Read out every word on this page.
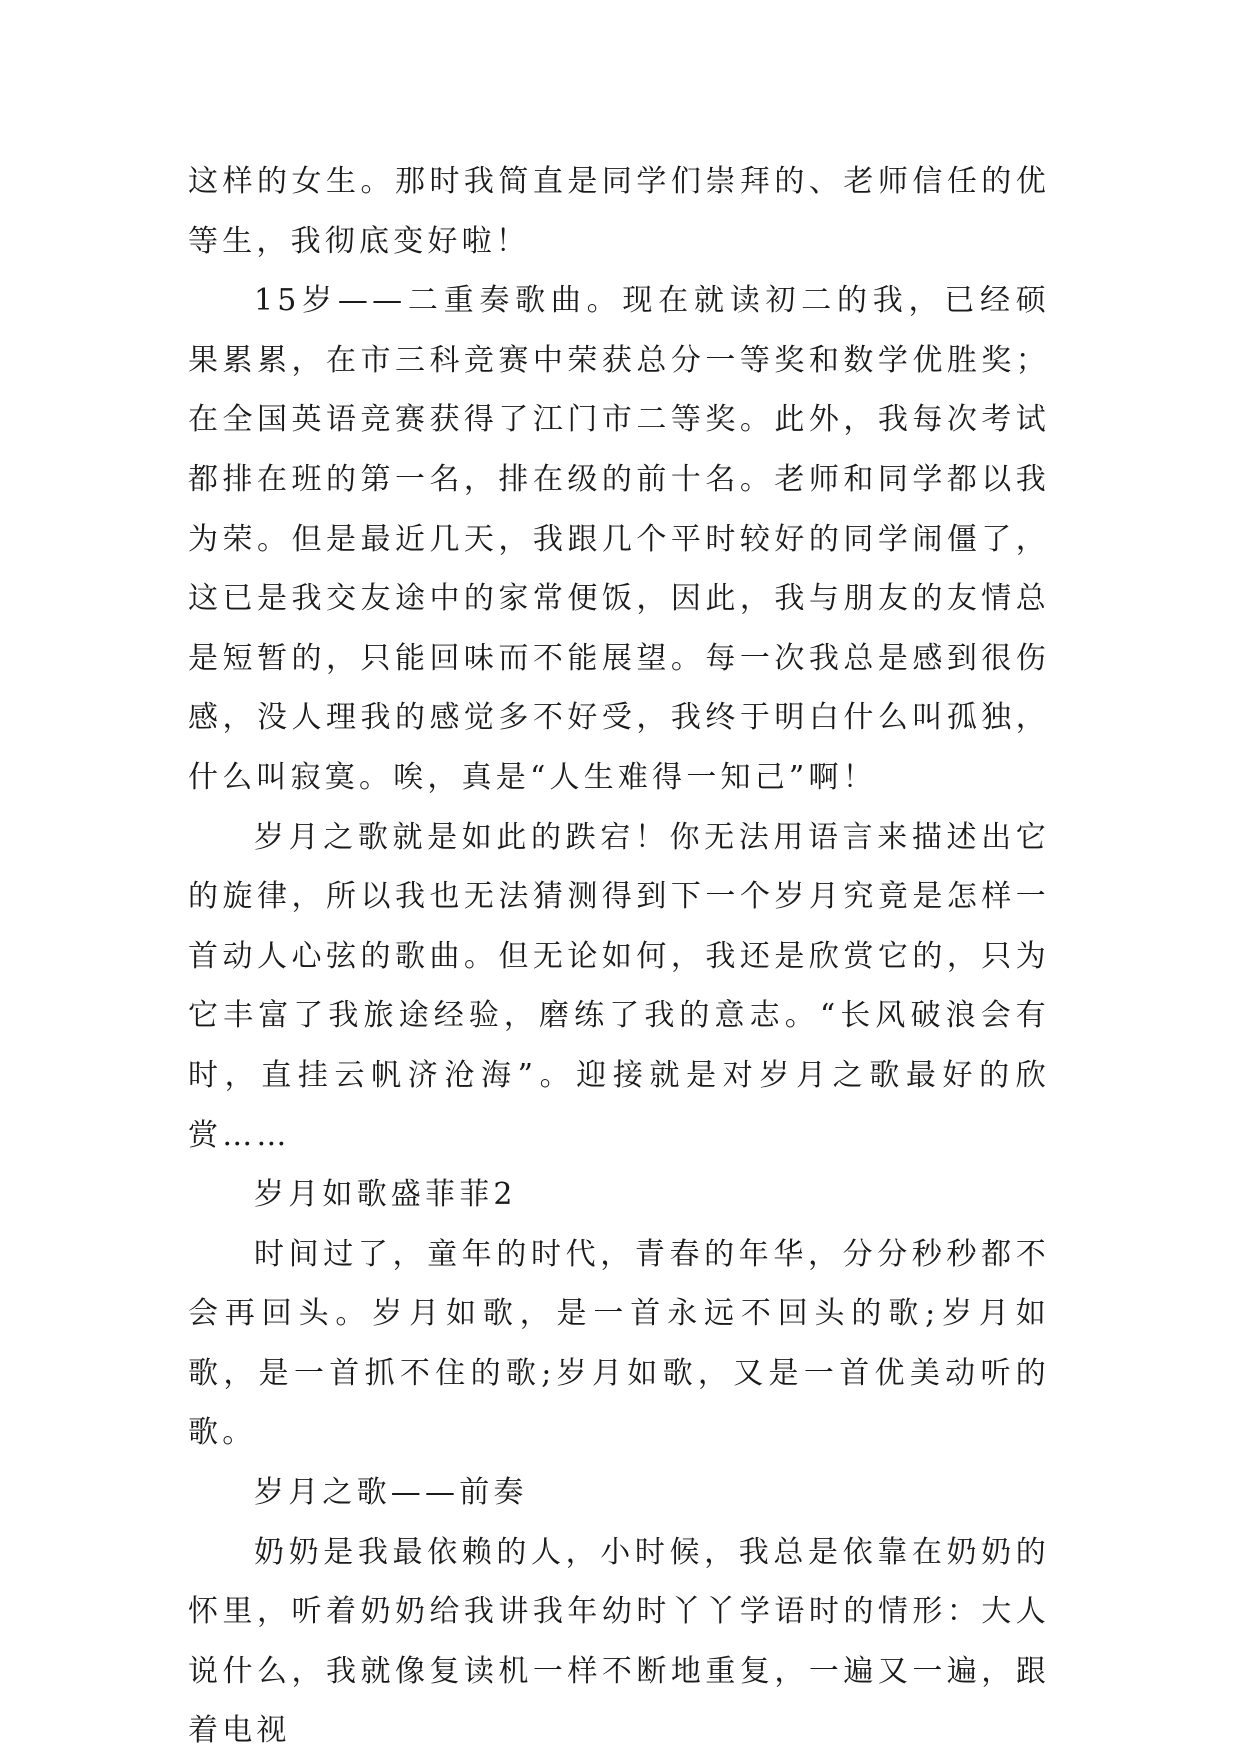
这样的女生。那时我简直是同学们崇拜的、老师信任的优等生，我彻底变好啦！

15岁——二重奏歌曲。现在就读初二的我，已经硕果累累，在市三科竞赛中荣获总分一等奖和数学优胜奖；在全国英语竞赛获得了江门市二等奖。此外，我每次考试都排在班的第一名，排在级的前十名。老师和同学都以我为荣。但是最近几天，我跟几个平时较好的同学闹僵了，这已是我交友途中的家常便饭，因此，我与朋友的友情总是短暂的，只能回味而不能展望。每一次我总是感到很伤感，没人理我的感觉多不好受，我终于明白什么叫孤独，什么叫寂寞。唉，真是“人生难得一知己”啊！

岁月之歌就是如此的跌宕！你无法用语言来描述出它的旋律，所以我也无法猜测得到下一个岁月究竟是怎样一首动人心弦的歌曲。但无论如何，我还是欣赏它的，只为它丰富了我旅途经验，磨练了我的意志。“长风破浪会有时，直挂云帆济沧海”。迎接就是对岁月之歌最好的欣赏……

岁月如歌盛菲菲2

时间过了，童年的时代，青春的年华，分分秒秒都不会再回头。岁月如歌，是一首永远不回头的歌;岁月如歌，是一首抓不住的歌;岁月如歌，又是一首优美动听的歌。

岁月之歌——前奏

奶奶是我最依赖的人，小时候，我总是依靠在奶奶的怀里，听着奶奶给我讲我年幼时丫丫学语时的情形：大人说什么，我就像复读机一样不断地重复，一遍又一遍，跟着电视
